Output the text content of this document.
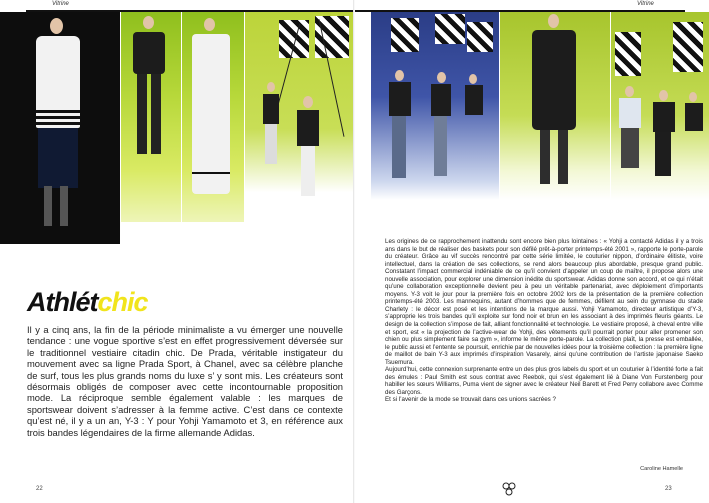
Vitrine
Athlétchic

Il y a cinq ans, la fin de la période minimaliste a vu émerger une nouvelle tendance : une vogue sportive s’est en effet progressivement déversée sur le traditionnel vestiaire citadin chic. De Prada, véritable instigateur du mouvement avec sa ligne Prada Sport, à Chanel, avec sa célèbre planche de surf, tous les plus grands noms du luxe s’ y sont mis. Les créateurs sont désormais obligés de composer avec cette incontournable proposition mode. La réciproque semble également valable : les marques de sportswear doivent s’adresser à la femme active. C’est dans ce contexte qu’est né, il y a un an, Y-3 : Y pour Yohji Yamamoto et 3, en référence aux trois bandes légendaires de la firme allemande Adidas.

22
Vitrine

Les origines de ce rapprochement inattendu sont encore bien plus lointaines : « Yohji a contacté Adidas il y a trois ans dans le but de réaliser des baskets pour son défilé prêt-à-porter printemps-été 2001 », rapporte le porte-parole du créateur. Grâce au vif succès rencontré par cette série limitée, le couturier nippon, d’ordinaire élitiste, voire intellectuel, dans la création de ses collections, se rend alors beaucoup plus abordable, presque grand public. Constatant l’impact commercial indéniable de ce qu’il convient d’appeler un coup de maître, il propose alors une nouvelle association, pour explorer une dimension inédite du sportswear. Adidas donne son accord, et ce qui n’était qu’une collaboration exceptionnelle devient peu à peu un véritable partenariat, avec déploiement d’importants moyens. Y-3 voit le jour pour la première fois en octobre 2002 lors de la présentation de la première collection printemps-été 2003. Les mannequins, autant d’hommes que de femmes, défilent au sein du gymnase du stade Charlety : le décor est posé et les intentions de la marque aussi. Yohji Yamamoto, directeur artistique d’Y-3, s’approprie les trois bandes qu’il exploite sur fond noir et brun en les associant à des imprimés fleuris géants. Le design de la collection s’impose de fait, alliant fonctionnalité et technologie. Le vestiaire proposé, à cheval entre ville et sport, est « la projection de l’active-wear de Yohji, des vêtements qu’il pourrait porter pour aller promener son chien ou plus simplement faire sa gym », informe le même porte-parole. La collection plaît, la presse est emballée, le public aussi et l’entente se poursuit, enrichie par de nouvelles idées pour la troisième collection : la première ligne de maillot de bain Y-3 aux imprimés d’inspiration Vasarely, ainsi qu’une contribution de l’artiste japonaise Saeko Tsuemura.

Aujourd’hui, cette connexion surprenante entre un des plus gros labels du sport et un couturier à l’identité forte a fait des émules : Paul Smith est sous contrat avec Reebok, qui s’est également lié à Diane Von Furstenberg pour habiller les sœurs Williams, Puma vient de signer avec le créateur Neil Barett et Fred Perry collabore avec Comme des Garçons.

Et si l’avenir de la mode se trouvait dans ces unions sacrées ?

Caroline Hamelle
23
